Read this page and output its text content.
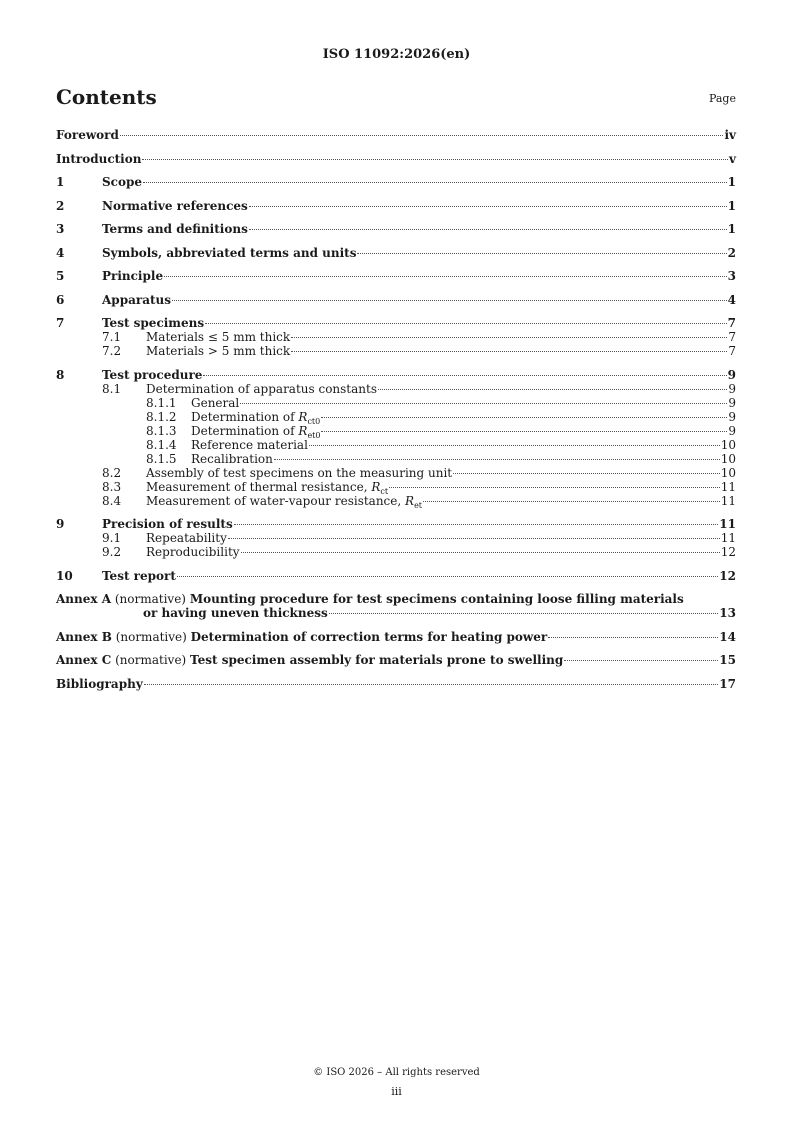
ISO 11092:2026(en)
Contents	Page
Foreword	iv
Introduction	v
1	Scope	1
2	Normative references	1
3	Terms and definitions	1
4	Symbols, abbreviated terms and units	2
5	Principle	3
6	Apparatus	4
7	Test specimens	7
7.1	Materials ≤ 5 mm thick	7
7.2	Materials > 5 mm thick	7
8	Test procedure	9
8.1	Determination of apparatus constants	9
8.1.1	General	9
8.1.2	Determination of $R_{ct0}$	9
8.1.3	Determination of $R_{et0}$	9
8.1.4	Reference material	10
8.1.5	Recalibration	10
8.2	Assembly of test specimens on the measuring unit	10
8.3	Measurement of thermal resistance, $R_{ct}$	11
8.4	Measurement of water-vapour resistance, $R_{et}$	11
9	Precision of results	11
9.1	Repeatability	11
9.2	Reproducibility	12
10	Test report	12
Annex A (normative) Mounting procedure for test specimens containing loose filling materials
or having uneven thickness	13
Annex B (normative) Determination of correction terms for heating power	14
Annex C (normative) Test specimen assembly for materials prone to swelling	15
Bibliography	17
© ISO 2026 – All rights reserved
iii
